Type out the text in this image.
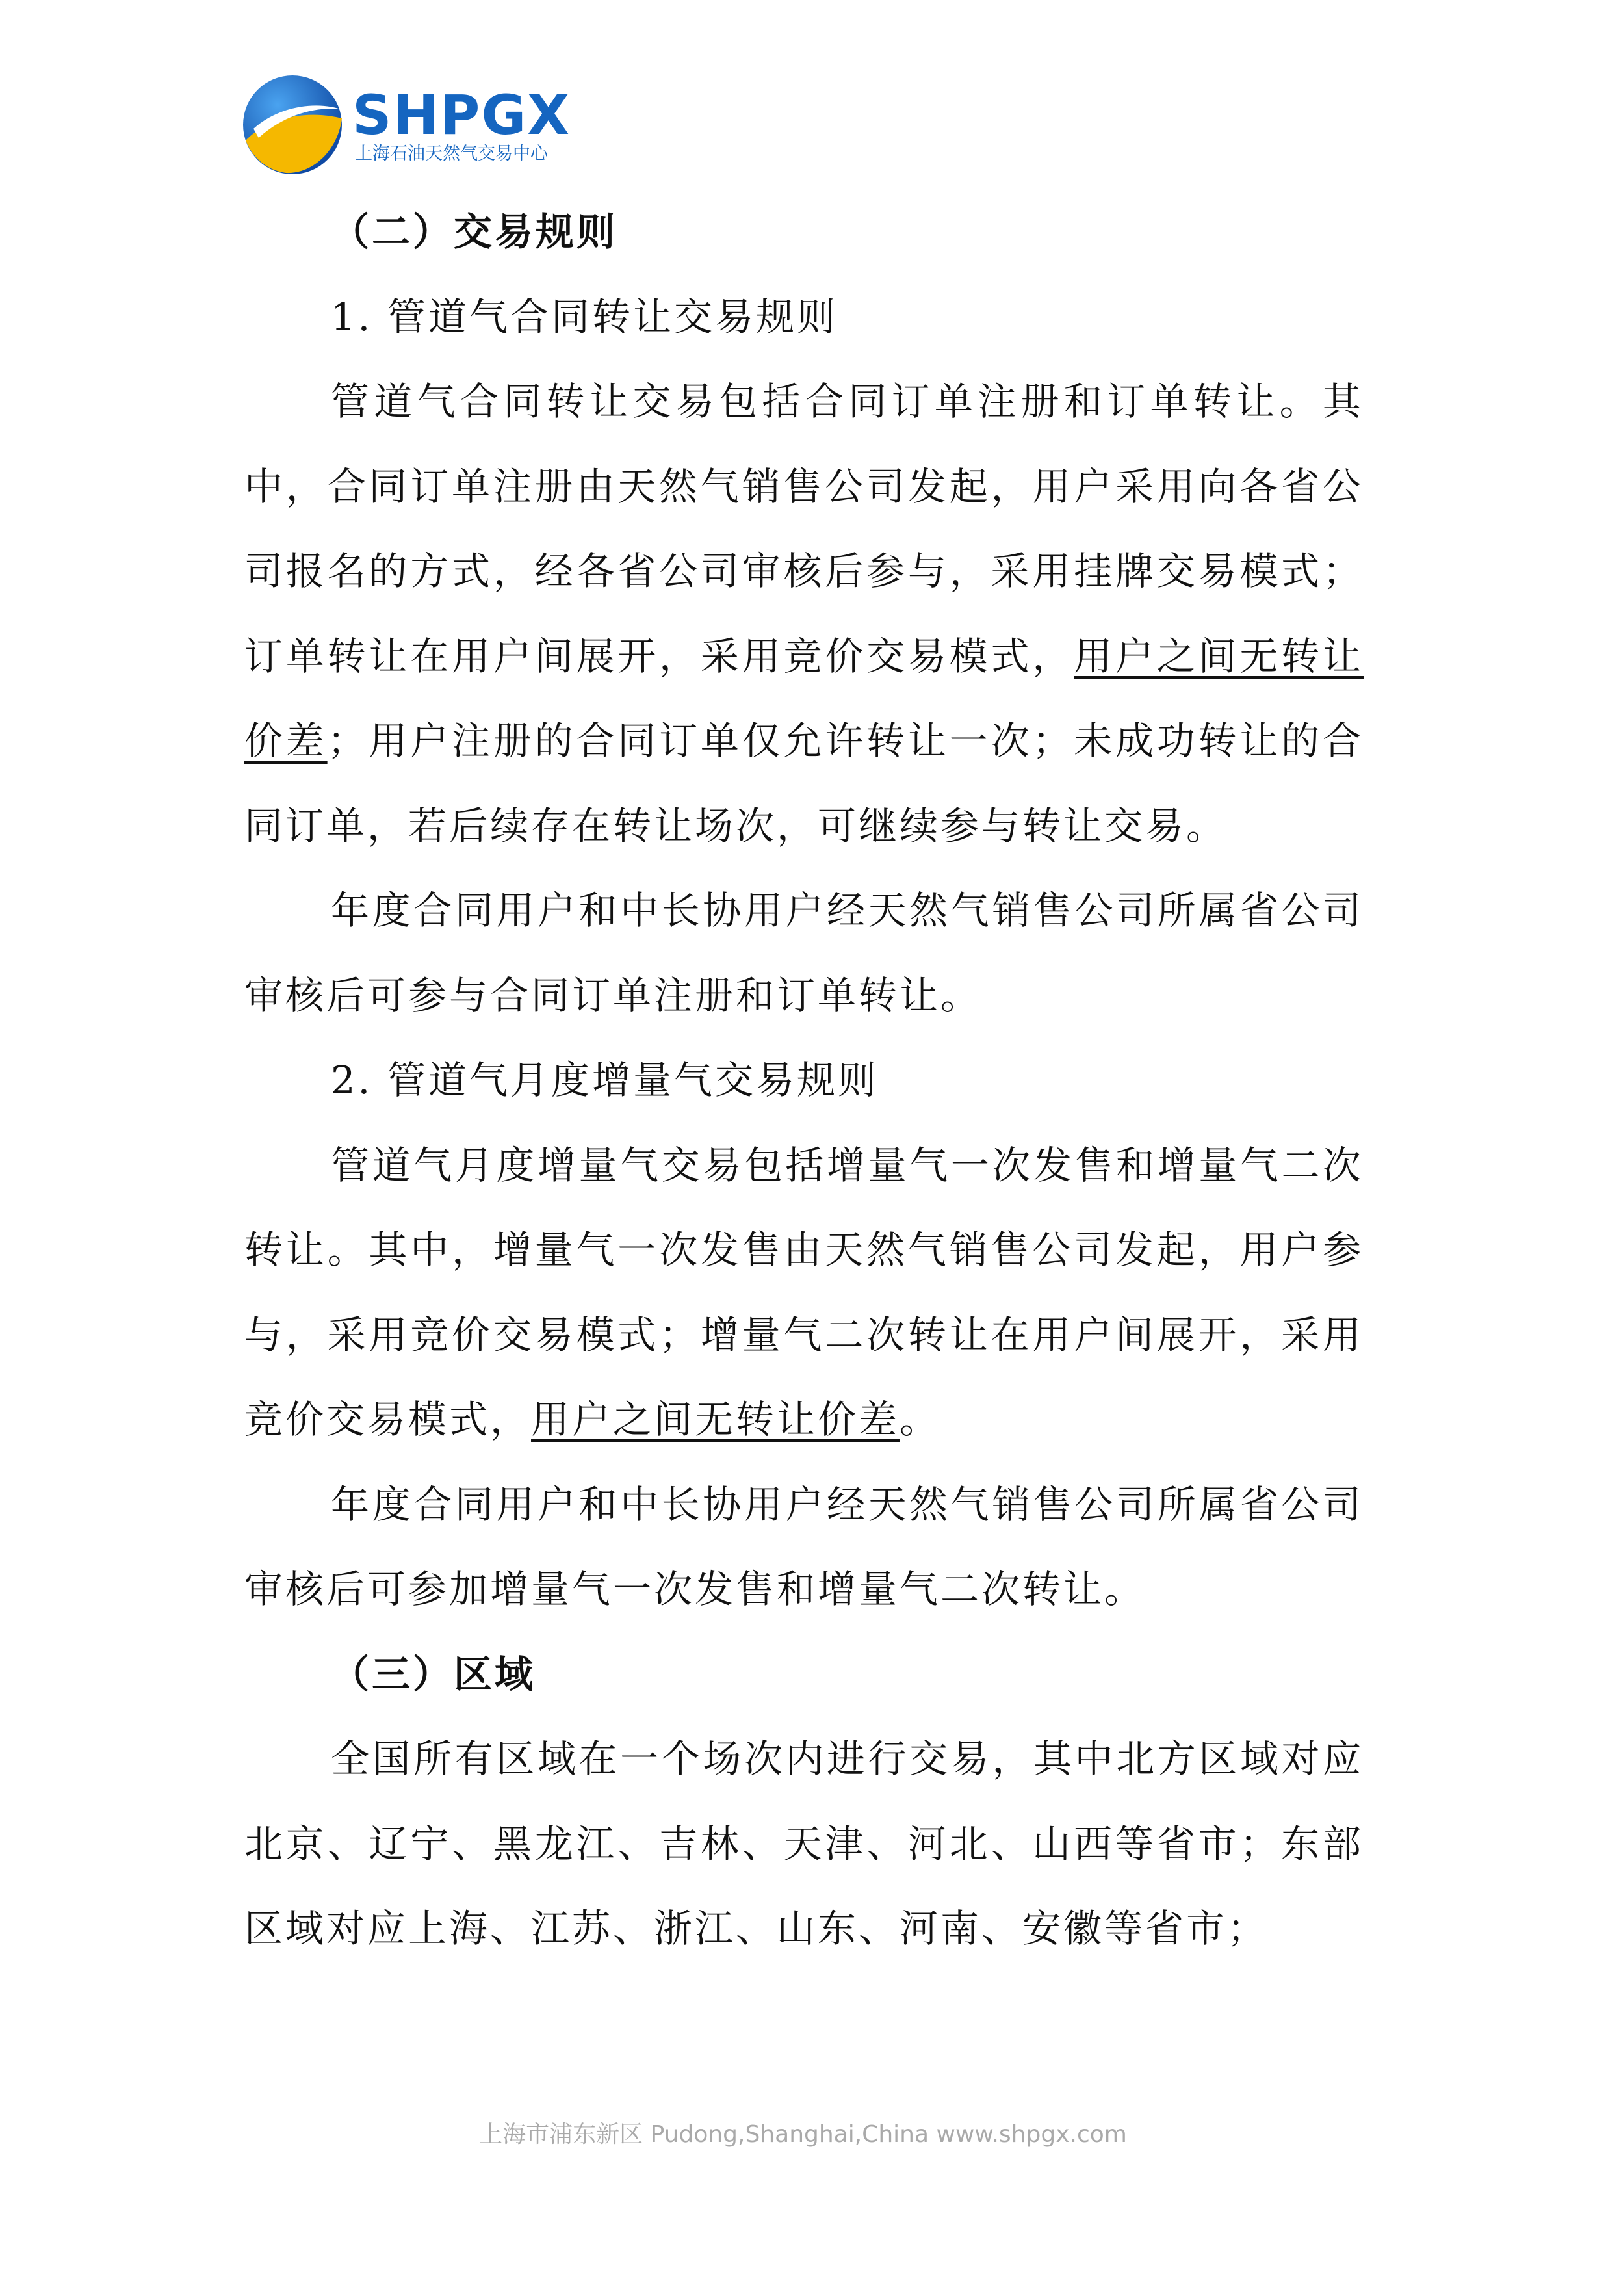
SHPGX
上海石油天然气交易中心

（二）交易规则

1. 管道气合同转让交易规则

管道气合同转让交易包括合同订单注册和订单转让。其中，合同订单注册由天然气销售公司发起，用户采用向各省公司报名的方式，经各省公司审核后参与，采用挂牌交易模式；订单转让在用户间展开，采用竞价交易模式，用户之间无转让价差；用户注册的合同订单仅允许转让一次；未成功转让的合同订单，若后续存在转让场次，可继续参与转让交易。

年度合同用户和中长协用户经天然气销售公司所属省公司审核后可参与合同订单注册和订单转让。

2. 管道气月度增量气交易规则

管道气月度增量气交易包括增量气一次发售和增量气二次转让。其中，增量气一次发售由天然气销售公司发起，用户参与，采用竞价交易模式；增量气二次转让在用户间展开，采用竞价交易模式，用户之间无转让价差。

年度合同用户和中长协用户经天然气销售公司所属省公司审核后可参加增量气一次发售和增量气二次转让。

（三）区域

全国所有区域在一个场次内进行交易，其中北方区域对应北京、辽宁、黑龙江、吉林、天津、河北、山西等省市；东部区域对应上海、江苏、浙江、山东、河南、安徽等省市；

上海市浦东新区 Pudong,Shanghai,China www.shpgx.com
